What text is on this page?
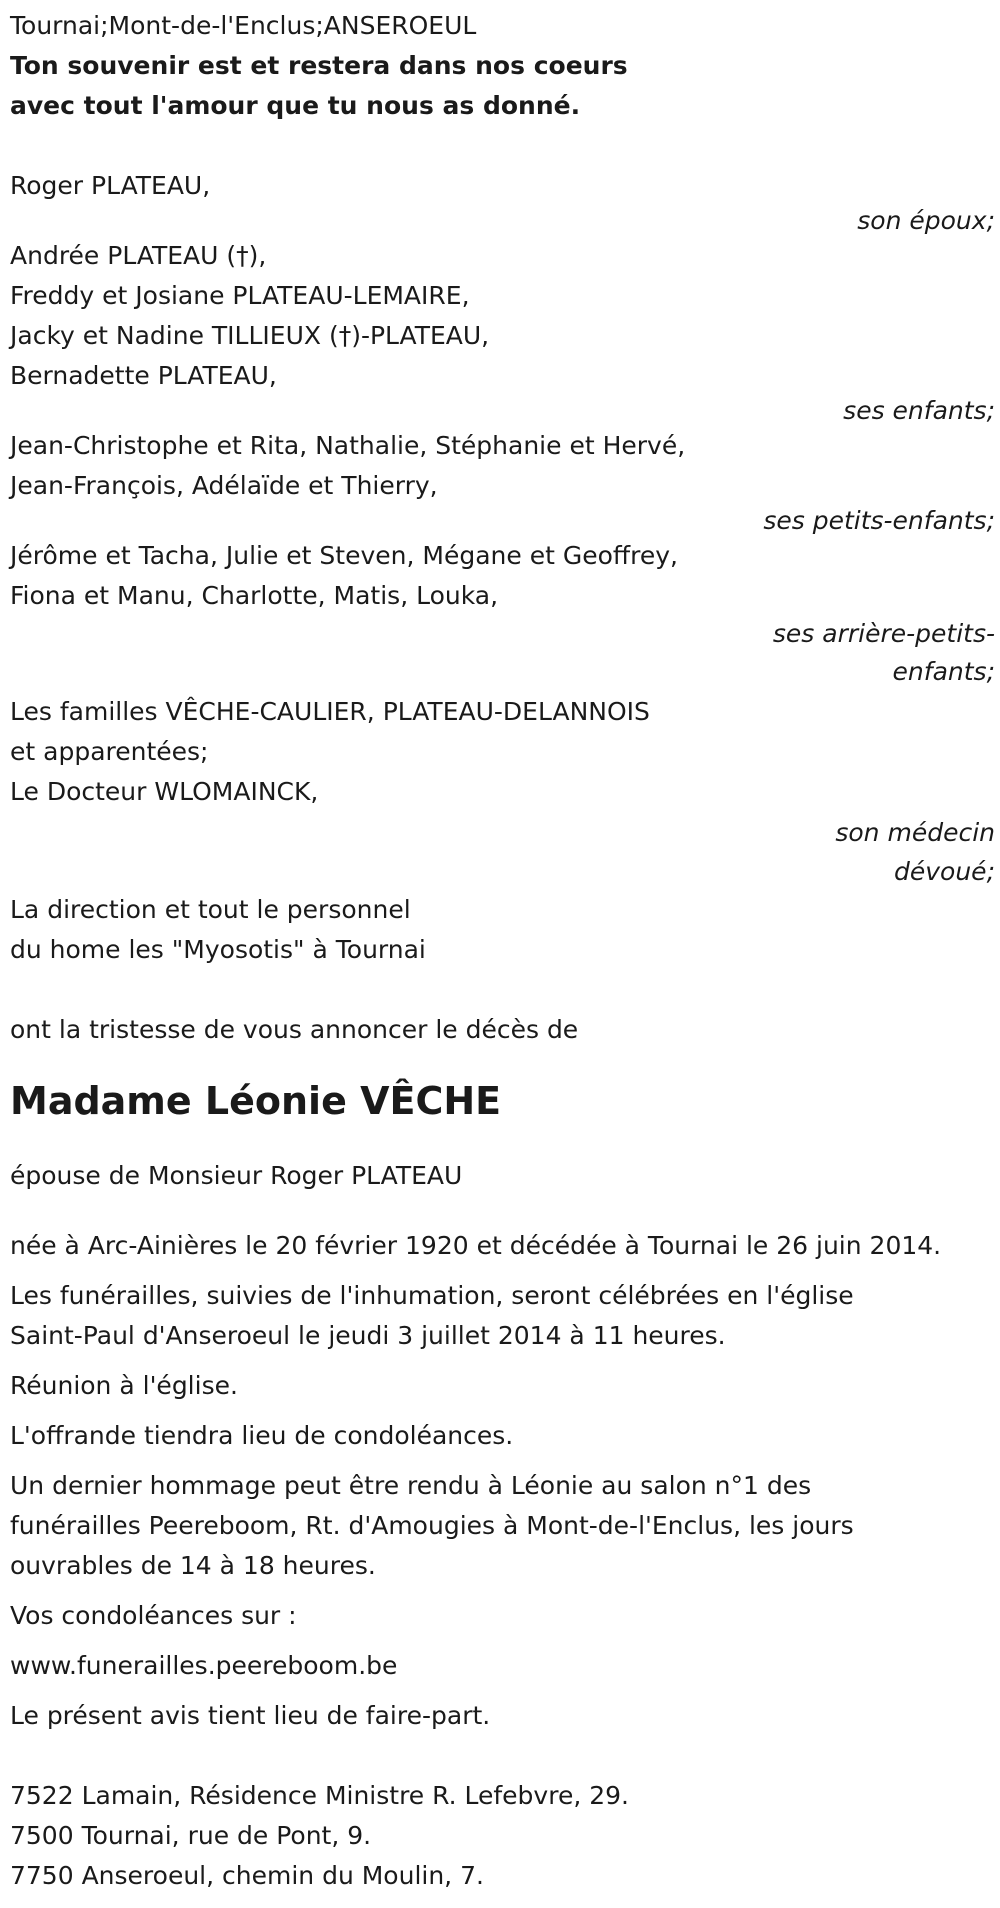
Tournai;Mont-de-l'Enclus;ANSEROEUL
Ton souvenir est et restera dans nos coeurs
avec tout l'amour que tu nous as donné.
Roger PLATEAU,
son époux;
Andrée PLATEAU (†),
Freddy et Josiane PLATEAU-LEMAIRE,
Jacky et Nadine TILLIEUX (†)-PLATEAU,
Bernadette PLATEAU,
ses enfants;
Jean-Christophe et Rita, Nathalie, Stéphanie et Hervé,
Jean-François, Adélaïde et Thierry,
ses petits-enfants;
Jérôme et Tacha, Julie et Steven, Mégane et Geoffrey,
Fiona et Manu, Charlotte, Matis, Louka,
ses arrière-petits-
enfants;
Les familles VÊCHE-CAULIER, PLATEAU-DELANNOIS
et apparentées;
Le Docteur WLOMAINCK,
son médecin
dévoué;
La direction et tout le personnel
du home les "Myosotis" à Tournai
ont la tristesse de vous annoncer le décès de
Madame Léonie VÊCHE
épouse de Monsieur Roger PLATEAU
née à Arc-Ainières le 20 février 1920 et décédée à Tournai le 26 juin 2014.
Les funérailles, suivies de l'inhumation, seront célébrées en l'église
Saint-Paul d'Anseroeul le jeudi 3 juillet 2014 à 11 heures.
Réunion à l'église.
L'offrande tiendra lieu de condoléances.
Un dernier hommage peut être rendu à Léonie au salon n°1 des
funérailles Peereboom, Rt. d'Amougies à Mont-de-l'Enclus, les jours
ouvrables de 14 à 18 heures.
Vos condoléances sur :
www.funerailles.peereboom.be
Le présent avis tient lieu de faire-part.
7522 Lamain, Résidence Ministre R. Lefebvre, 29.
7500 Tournai, rue de Pont, 9.
7750 Anseroeul, chemin du Moulin, 7.
